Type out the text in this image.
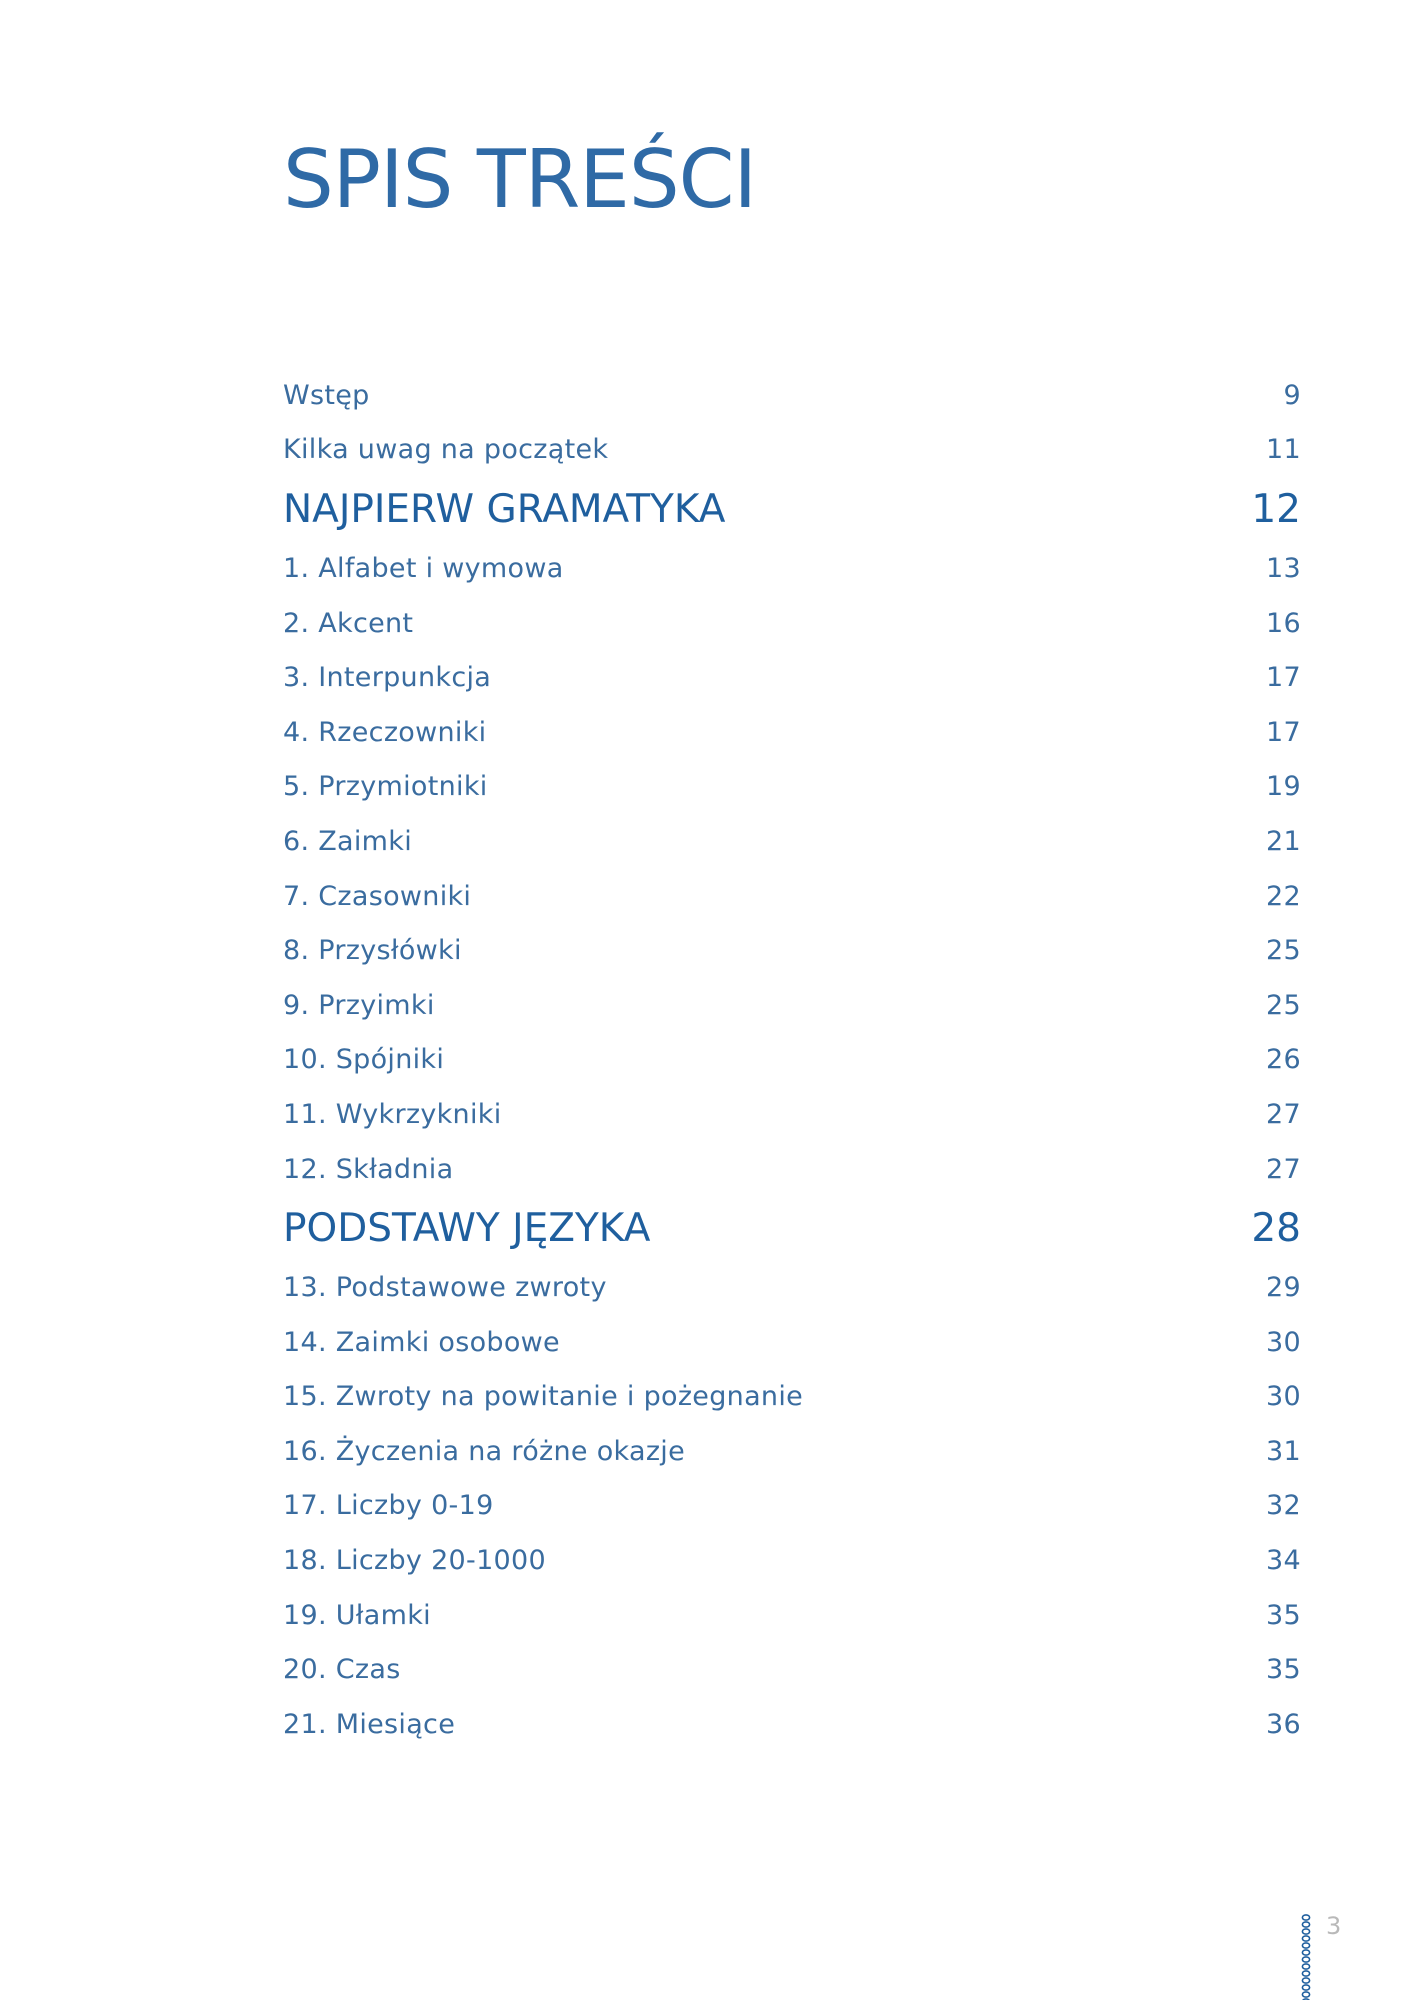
SPIS TREŚCI
Wstęp	9
Kilka uwag na początek	11
NAJPIERW GRAMATYKA	12
1. Alfabet i wymowa	13
2. Akcent	16
3. Interpunkcja	17
4. Rzeczowniki	17
5. Przymiotniki	19
6. Zaimki	21
7. Czasowniki	22
8. Przysłówki	25
9. Przyimki	25
10. Spójniki	26
11. Wykrzykniki	27
12. Składnia	27
PODSTAWY JĘZYKA	28
13. Podstawowe zwroty	29
14. Zaimki osobowe	30
15. Zwroty na powitanie i pożegnanie	30
16. Życzenia na różne okazje	31
17. Liczby 0-19	32
18. Liczby 20-1000	34
19. Ułamki	35
20. Czas	35
21. Miesiące	36
3
